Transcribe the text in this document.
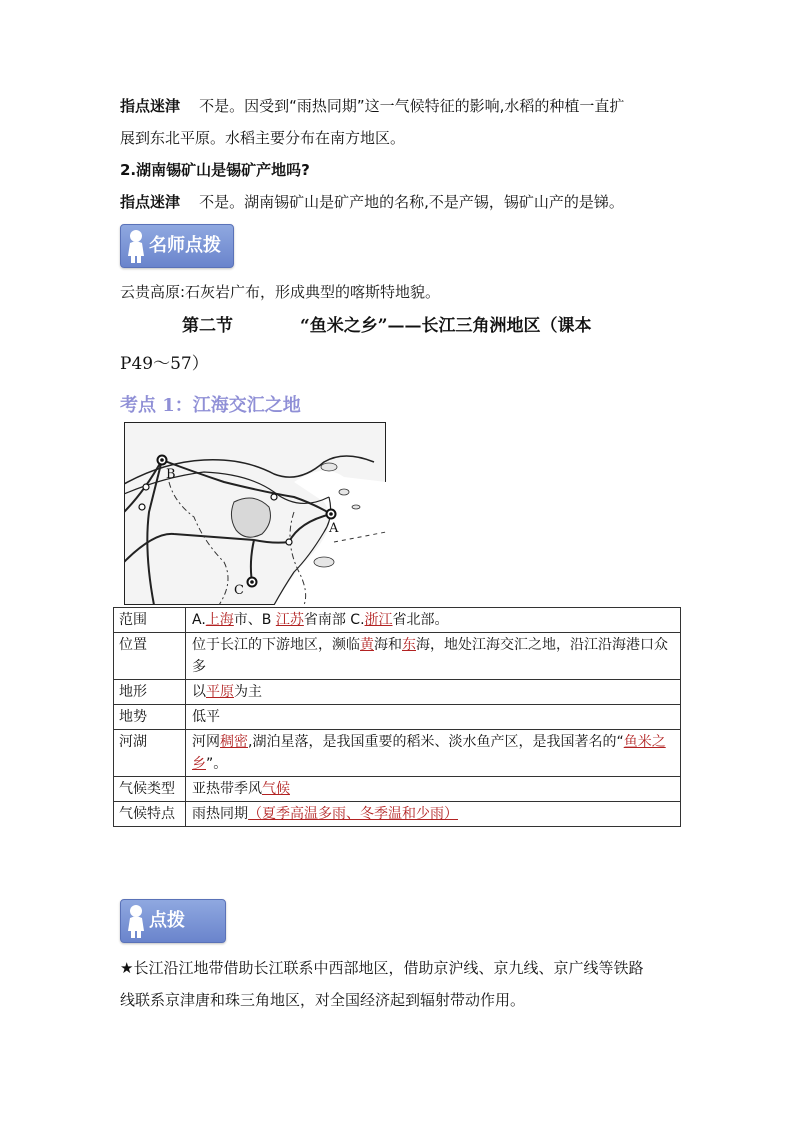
指点迷津 不是。因受到“雨热同期”这一气候特征的影响,水稻的种植一直扩
展到东北平原。水稻主要分布在南方地区。
2.湖南锡矿山是锡矿产地吗?
指点迷津 不是。湖南锡矿山是矿产地的名称,不是产锡，锡矿山产的是锑。
名师点拨
云贵高原:石灰岩广布，形成典型的喀斯特地貌。
第二节	“鱼米之乡”——长江三角洲地区（课本
P49～57）
考点 1：江海交汇之地
B
A
C
范围	A.上海市、B 江苏省南部 C.浙江省北部。
位置	位于长江的下游地区，濒临黄海和东海，地处江海交汇之地，沿江沿海港口众多
地形	以平原为主
地势	低平
河湖	河网稠密,湖泊星落，是我国重要的稻米、淡水鱼产区，是我国著名的“鱼米之乡”。
气候类型	亚热带季风气候
气候特点	雨热同期（夏季高温多雨、冬季温和少雨）
点拨
★长江沿江地带借助长江联系中西部地区，借助京沪线、京九线、京广线等铁路
线联系京津唐和珠三角地区，对全国经济起到辐射带动作用。
